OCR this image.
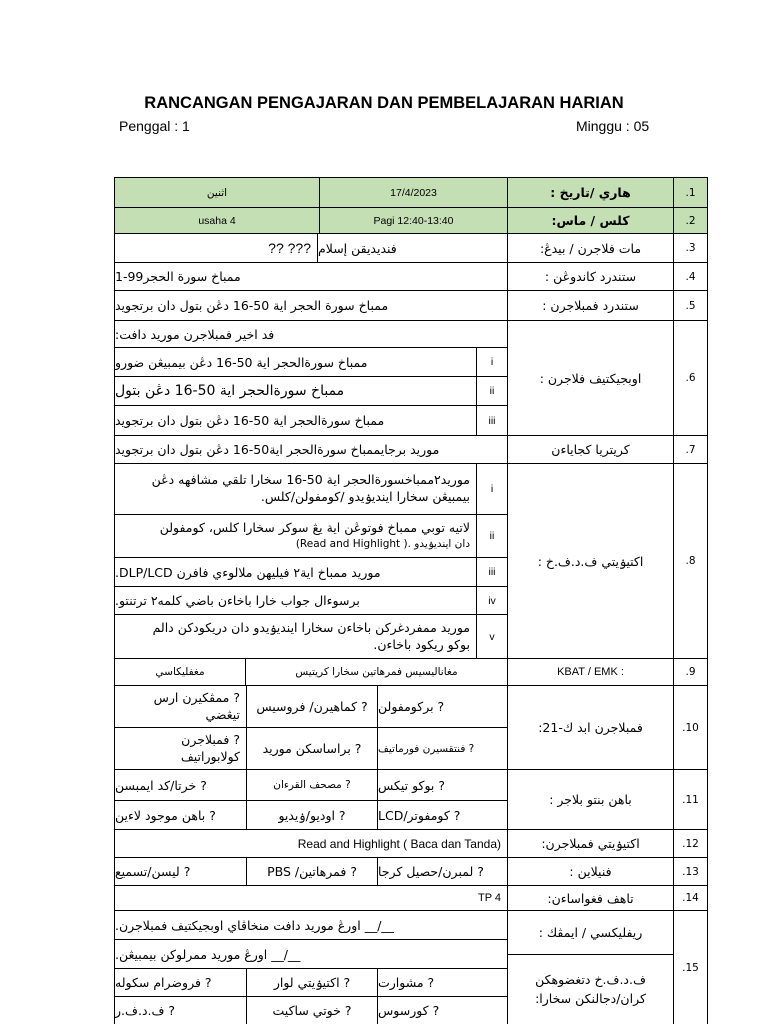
RANCANGAN PENGAJARAN DAN PEMBELAJARAN HARIAN
Penggal : 1	Minggu : 05
.1
.2
.3
.4
.5
.6
.7
.8
.9
.10
.11
.12
.13
.14
.15
هاري /تاريخ :
كلس / ماس:
مات فلاجرن / بيدڠ:
ستندرد کاندوڠن :
ستندرد فمبلاجرن :
اوبجيکتيف فلاجرن :
کريتريا کجاياءن
اکتيۏيتي ف.د.ف.خ :
KBAT / EMK :
فمبلاجرن ابد ك-21:
باهن بنتو بلاجر :
اکتيۏيتي فمبلاجرن:
فنيلاين :
تاهف فغواساءن:
ريفليکسي / ايمڤك :
ف.د.ف.خ دتغضوهکن
کران/دجالنکن سخارا:
17/4/2023
اثنين
Pagi 12:40-13:40
usaha 4
فنديديقن إسلام
?? ???
ممباخ سورة الحجر99-1
ممباخ سورة الحجر اية 50-16 دڠن بتول دان برتجويد
فد اخير فمبلاجرن موريد دافت:
i
ممباخ سورةالحجر اية 50-16 دڠن بيمبيڠن ضورو
ii
ممباخ سورةالحجر اية 50-16 دڠن بتول
iii
ممباخ سورةالحجر اية 50-16 دڠن بتول دان برتجويد
موريد برجايممباخ سورةالحجر اية50-16 دڠن بتول دان برتجويد
i
موريد٢ممباخسورةالحجر اية 50-16 سخارا تلقي مشافهه دڠن
بيمبيڠن سخارا اينديۏيدو /کومفولن/کلس.
ii
لاتيه توبي ممباخ فوتوڠن اية يڠ سوکر سخارا کلس، کومفولن
دان اينديۏيدو .( Read and Highlight)
iii
موريد ممباخ اية٢ فيليهن ملالوءي فافرن DLP/LCD.
iv
برسوءال جواب خارا باخاءن باضي کلمه٢ ترتنتو.
v
موريد ممفردغرکن باخاءن سخارا اينديۏيدو دان دريکودکن دالم
بوکو ريکود باخاءن.
مغاناليسيس فمرهاتين سخارا کريتيس
مغفليکاسي
? برکومفولن
? کماهيرن/ فروسيس
? ممڤکيرن ارس تيڠضي
? فنتقسيرن فورماتيف
? براساسکن موريد
? فمبلاجرن کولابوراتيف
? بوکو تيکس
? مصحف القرءان
? خرتا/کد ايمبسن
? کومفوتر/LCD
? اوديو/ۏيديو
? باهن موجود لاءين
Read and Highlight ( Baca dan Tanda)
? لمبرن/حصيل کرجا
? فمرهاتين/ PBS
? ليسن/تسميع
TP 4
__/__ اورڠ موريد دافت منخاڤاي اوبجيکتيف فمبلاجرن.
__/__ اورڠ موريد ممرلوکن بيمبيڠن.
? مشوارت
? اکتيۏيتي لوار
? فروضرام سکوله
? کورسوس
? خوتي ساکيت
? ف.د.ف.ر
